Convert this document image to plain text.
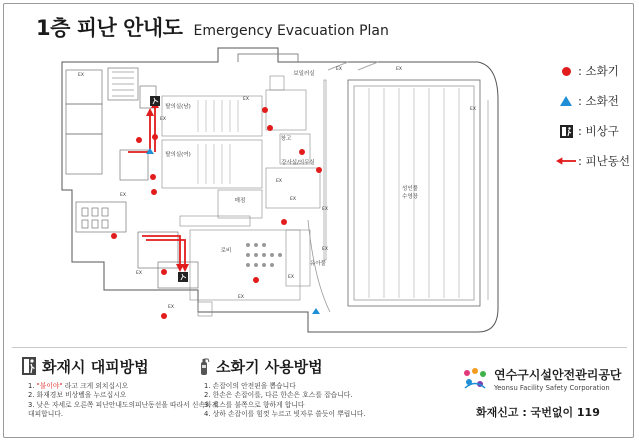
1층 피난 안내도 Emergency Evacuation Plan
보일러실
탈의실(남)
탈의실(여)
창고
강사실/의무실
매점
로비
성인풀
수영장
유아풀
EX
EX
EX
EX
EX
EX
EX	EX
EX
EX
EX
EX
EX
EX
EX
: 소화기
: 소화전
: 비상구
: 피난동선
화재시 대피방법
1. "불이야" 라고 크게 외치십시오
2. 화재경보 비상벨을 누르십시오
3. 낮은 자세로 오른쪽 피난안내도의피난동선을 따라서 신속하게 대피합니다.
소화기 사용방법
1. 손잡이의 안전핀을 뽑습니다
2. 한손은 손잡이를, 다른 한손은 호스를 잡습니다.
3. 호스를 불쪽으로 향하게 합니다
4. 상하 손잡이를 힘껏 누르고 빗자루 쓸듯이 뿌립니다.
연수구시설안전관리공단
Yeonsu Facility Safety Corporation
화재신고 : 국번없이 119
